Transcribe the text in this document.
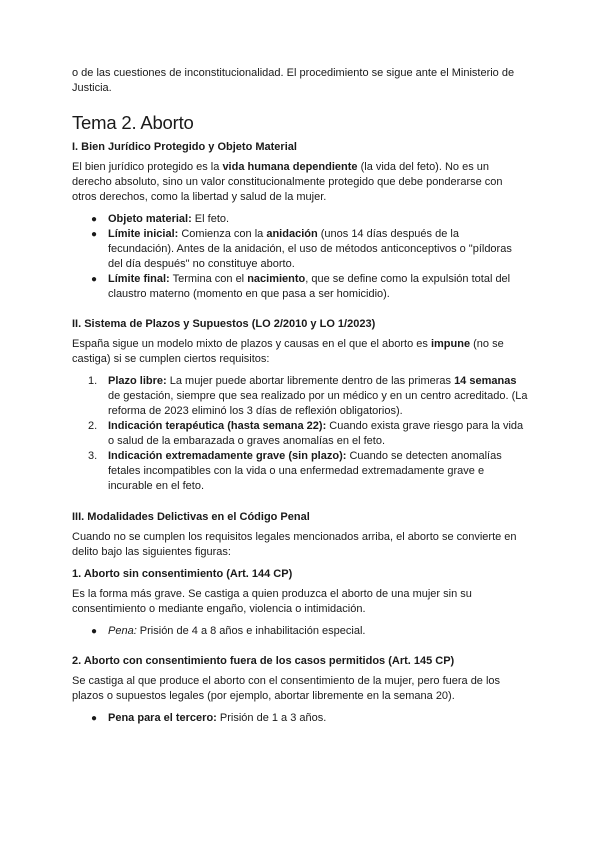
o de las cuestiones de inconstitucionalidad. El procedimiento se sigue ante el Ministerio de Justicia.

Tema 2. Aborto
I. Bien Jurídico Protegido y Objeto Material

El bien jurídico protegido es la vida humana dependiente (la vida del feto). No es un derecho absoluto, sino un valor constitucionalmente protegido que debe ponderarse con otros derechos, como la libertad y salud de la mujer.

● Objeto material: El feto.
● Límite inicial: Comienza con la anidación (unos 14 días después de la fecundación). Antes de la anidación, el uso de métodos anticonceptivos o "píldoras del día después" no constituye aborto.
● Límite final: Termina con el nacimiento, que se define como la expulsión total del claustro materno (momento en que pasa a ser homicidio).
II. Sistema de Plazos y Supuestos (LO 2/2010 y LO 1/2023)

España sigue un modelo mixto de plazos y causas en el que el aborto es impune (no se castiga) si se cumplen ciertos requisitos:

1. Plazo libre: La mujer puede abortar libremente dentro de las primeras 14 semanas de gestación, siempre que sea realizado por un médico y en un centro acreditado. (La reforma de 2023 eliminó los 3 días de reflexión obligatorios).
2. Indicación terapéutica (hasta semana 22): Cuando exista grave riesgo para la vida o salud de la embarazada o graves anomalías en el feto.
3. Indicación extremadamente grave (sin plazo): Cuando se detecten anomalías fetales incompatibles con la vida o una enfermedad extremadamente grave e incurable en el feto.
III. Modalidades Delictivas en el Código Penal

Cuando no se cumplen los requisitos legales mencionados arriba, el aborto se convierte en delito bajo las siguientes figuras:

1. Aborto sin consentimiento (Art. 144 CP)

Es la forma más grave. Se castiga a quien produzca el aborto de una mujer sin su consentimiento o mediante engaño, violencia o intimidación.

● Pena: Prisión de 4 a 8 años e inhabilitación especial.
2. Aborto con consentimiento fuera de los casos permitidos (Art. 145 CP)

Se castiga al que produce el aborto con el consentimiento de la mujer, pero fuera de los plazos o supuestos legales (por ejemplo, abortar libremente en la semana 20).

● Pena para el tercero: Prisión de 1 a 3 años.
